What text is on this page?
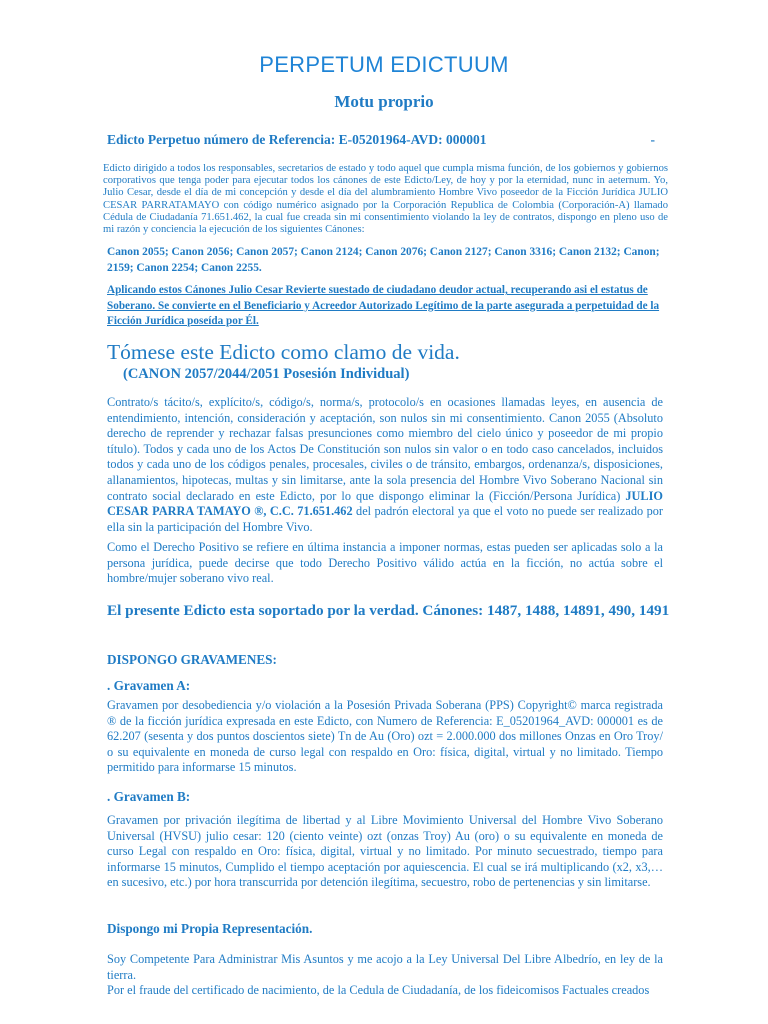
PERPETUM EDICTUUM
Motu proprio
Edicto Perpetuo número de Referencia: E-05201964-AVD: 000001	-
Edicto dirigido a todos los responsables, secretarios de estado y todo aquel que cumpla misma función, de los gobiernos y gobiernos corporativos que tenga poder para ejecutar todos los cánones de este Edicto/Ley, de hoy y por la eternidad, nunc in aeternum. Yo, Julio Cesar, desde el día de mi concepción y desde el día del alumbramiento Hombre Vivo poseedor de la Ficción Jurídica JULIO CESAR PARRATAMAYO con código numérico asignado por la Corporación Republica de Colombia (Corporación-A) llamado Cédula de Ciudadanía 71.651.462, la cual fue creada sin mi consentimiento violando la ley de contratos, dispongo en pleno uso de mi razón y conciencia la ejecución de los siguientes Cánones:
Canon 2055; Canon 2056; Canon 2057; Canon 2124; Canon 2076; Canon 2127; Canon 3316; Canon 2132; Canon; 2159; Canon 2254; Canon 2255.
Aplicando estos Cánones Julio Cesar Revierte suestado de ciudadano deudor actual, recuperando asi el estatus de Soberano. Se convierte en el Beneficiario y Acreedor Autorizado Legítimo de la parte asegurada a perpetuidad de la Ficción Jurídica poseída por Él.
Tómese este Edicto como clamo de vida.
(CANON 2057/2044/2051 Posesión Individual)
Contrato/s tácito/s, explícito/s, código/s, norma/s, protocolo/s en ocasiones llamadas leyes, en ausencia de entendimiento, intención, consideración y aceptación, son nulos sin mi consentimiento. Canon 2055 (Absoluto derecho de reprender y rechazar falsas presunciones como miembro del cielo único y poseedor de mi propio título). Todos y cada uno de los Actos De Constitución son nulos sin valor o en todo caso cancelados, incluidos todos y cada uno de los códigos penales, procesales, civiles o de tránsito, embargos, ordenanza/s, disposiciones, allanamientos, hipotecas, multas y sin limitarse, ante la sola presencia del Hombre Vivo Soberano Nacional sin contrato social declarado en este Edicto, por lo que dispongo eliminar la (Ficción/Persona Jurídica) JULIO CESAR PARRA TAMAYO ®, C.C. 71.651.462 del padrón electoral ya que el voto no puede ser realizado por ella sin la participación del Hombre Vivo.
Como el Derecho Positivo se refiere en última instancia a imponer normas, estas pueden ser aplicadas solo a la persona jurídica, puede decirse que todo Derecho Positivo válido actúa en la ficción, no actúa sobre el hombre/mujer soberano vivo real.
El presente Edicto esta soportado por la verdad. Cánones: 1487, 1488, 14891, 490, 1491
DISPONGO GRAVAMENES:
. Gravamen A:
Gravamen por desobediencia y/o violación a la Posesión Privada Soberana (PPS) Copyright© marca registrada ® de la ficción jurídica expresada en este Edicto, con Numero de Referencia: E_05201964_AVD: 000001 es de 62.207 (sesenta y dos puntos doscientos siete) Tn de Au (Oro) ozt = 2.000.000 dos millones Onzas en Oro Troy/ o su equivalente en moneda de curso legal con respaldo en Oro: física, digital, virtual y no limitado. Tiempo permitido para informarse 15 minutos.
. Gravamen B:
Gravamen por privación ilegítima de libertad y al Libre Movimiento Universal del Hombre Vivo Soberano Universal (HVSU) julio cesar: 120 (ciento veinte) ozt (onzas Troy) Au (oro) o su equivalente en moneda de curso Legal con respaldo en Oro: física, digital, virtual y no limitado. Por minuto secuestrado, tiempo para informarse 15 minutos, Cumplido el tiempo aceptación por aquiescencia. El cual se irá multiplicando (x2, x3,…en sucesivo, etc.) por hora transcurrida por detención ilegítima, secuestro, robo de pertenencias y sin limitarse.
Dispongo mi Propia Representación.
Soy Competente Para Administrar Mis Asuntos y me acojo a la Ley Universal Del Libre Albedrío, en ley de la tierra.
Por el fraude del certificado de nacimiento, de la Cedula de Ciudadanía, de los fideicomisos Factuales creados
